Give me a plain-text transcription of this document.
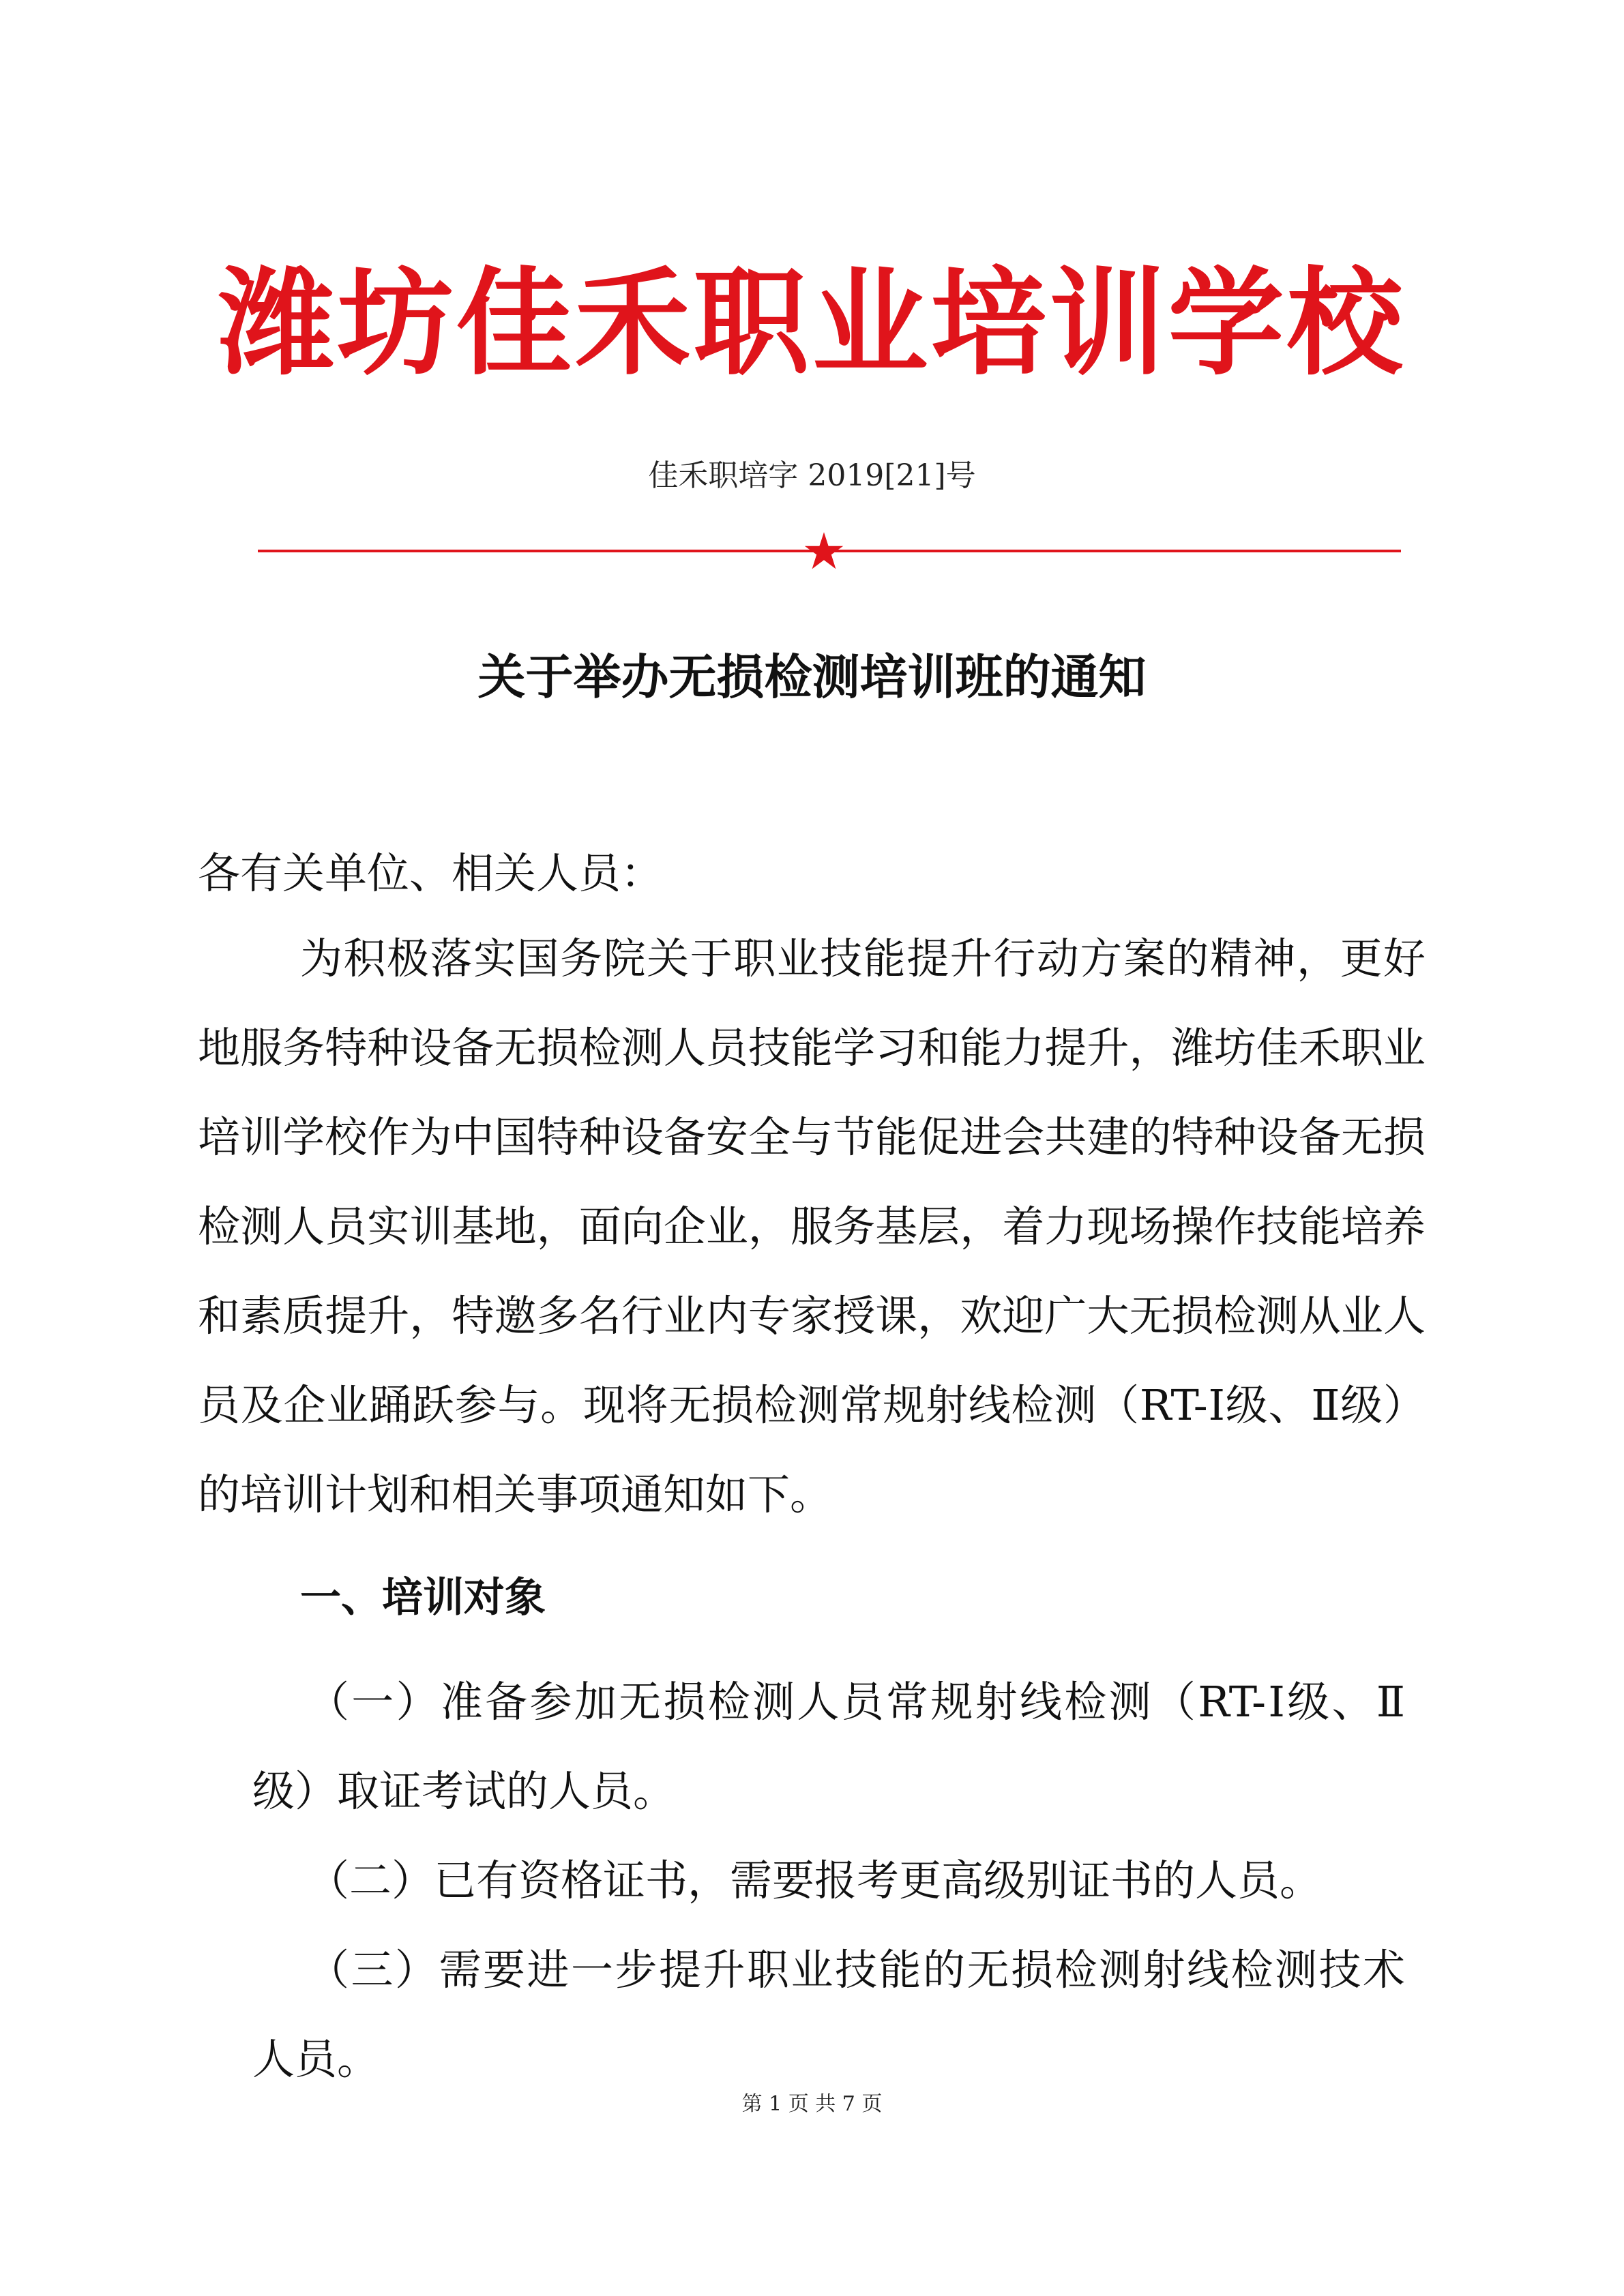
潍坊佳禾职业培训学校
佳禾职培字 2019[21]号
关于举办无损检测培训班的通知
各有关单位、相关人员：
为积极落实国务院关于职业技能提升行动方案的精神，更好地服务特种设备无损检测人员技能学习和能力提升，潍坊佳禾职业培训学校作为中国特种设备安全与节能促进会共建的特种设备无损检测人员实训基地，面向企业，服务基层，着力现场操作技能培养和素质提升，特邀多名行业内专家授课，欢迎广大无损检测从业人员及企业踊跃参与。现将无损检测常规射线检测（RT-Ⅰ级、Ⅱ级）的培训计划和相关事项通知如下。
一、培训对象
（一）准备参加无损检测人员常规射线检测（RT-Ⅰ级、Ⅱ级）取证考试的人员。
（二）已有资格证书，需要报考更高级别证书的人员。
（三）需要进一步提升职业技能的无损检测射线检测技术人员。
第 1 页 共 7 页
